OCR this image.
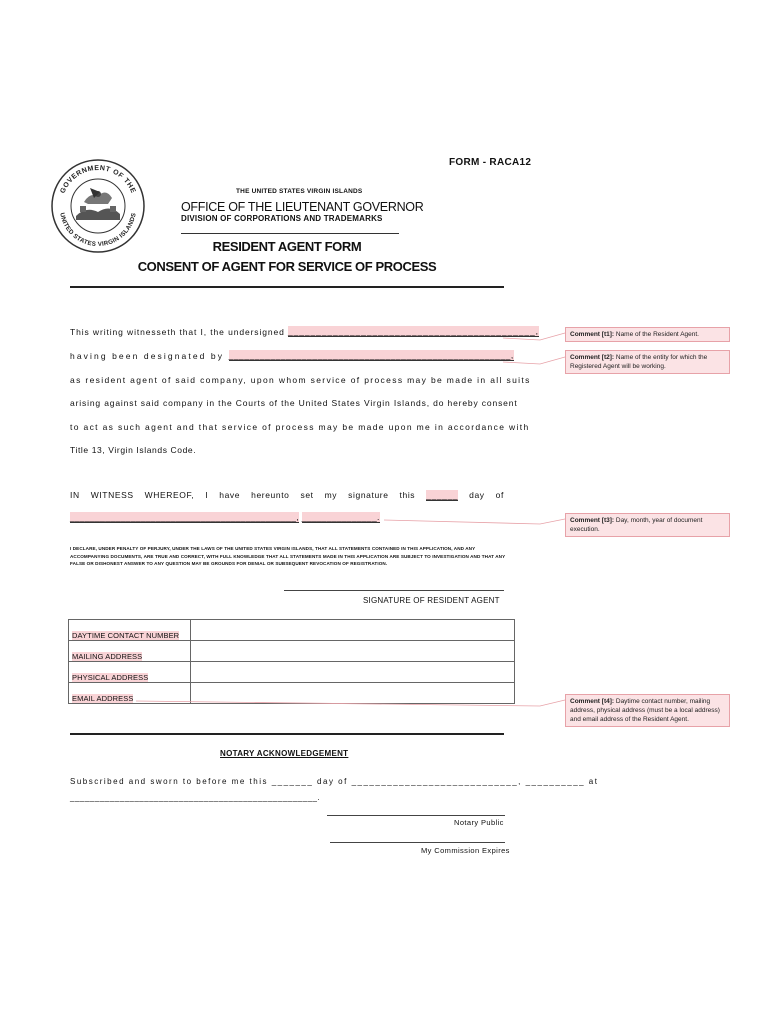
FORM - RACA12
GOVERNMENT OF THE
UNITED STATES VIRGIN ISLANDS
THE UNITED STATES VIRGIN ISLANDS
OFFICE OF THE LIEUTENANT GOVERNOR
DIVISION OF CORPORATIONS AND TRADEMARKS
RESIDENT AGENT FORM
CONSENT OF AGENT FOR SERVICE OF PROCESS
This writing witnesseth that I, the undersigned ____________________________________________,
having been designated by ______________________________________________________,
as resident agent of said company, upon whom service of process may be made in all suits
arising against said company in the Courts of the United States Virgin Islands, do hereby consent
to act as such agent and that service of process may be made upon me in accordance with
Title 13, Virgin Islands Code.
IN WITNESS WHEREOF, I have hereunto set my signature this ______ day of
_____________________________________________, _______________.
I DECLARE, UNDER PENALTY OF PERJURY, UNDER THE LAWS OF THE UNITED STATES VIRGIN ISLANDS, THAT ALL STATEMENTS CONTAINED IN THIS APPLICATION, AND ANY ACCOMPANYING DOCUMENTS, ARE TRUE AND CORRECT, WITH FULL KNOWLEDGE THAT ALL STATEMENTS MADE IN THIS APPLICATION ARE SUBJECT TO INVESTIGATION AND THAT ANY FALSE OR DISHONEST ANSWER TO ANY QUESTION MAY BE GROUNDS FOR DENIAL OR SUBSEQUENT REVOCATION OF REGISTRATION.
SIGNATURE OF RESIDENT AGENT
DAYTIME CONTACT NUMBER	
MAILING ADDRESS	
PHYSICAL ADDRESS	
EMAIL ADDRESS	
NOTARY ACKNOWLEDGEMENT
Subscribed and sworn to before me this _______ day of ____________________________, __________ at
__________________________________________________.
Notary Public
My Commission Expires
Comment [t1]: Name of the Resident Agent.
Comment [t2]: Name of the entity for which the Registered Agent will be working.
Comment [t3]: Day, month, year of document execution.
Comment [t4]: Daytime contact number, mailing address, physical address (must be a local address) and email address of the Resident Agent.
